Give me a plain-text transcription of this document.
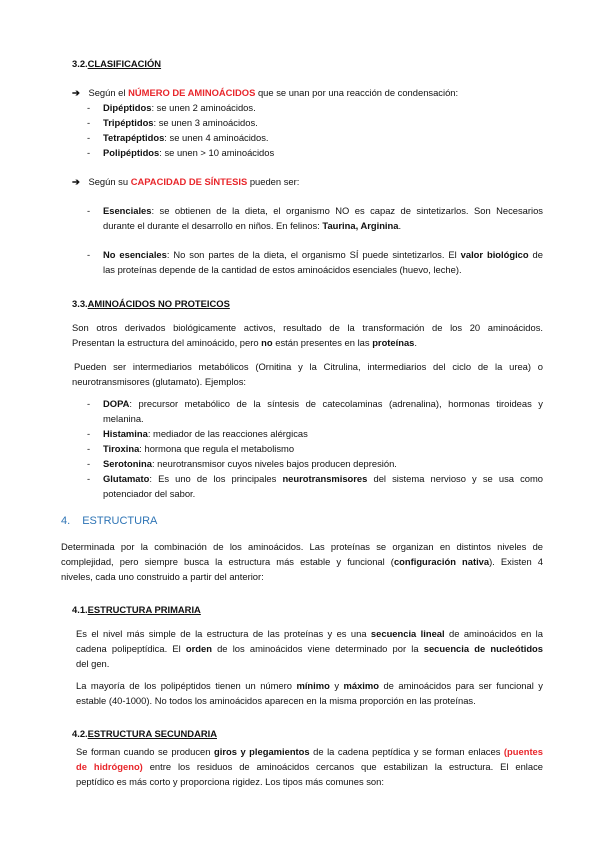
3.2.CLASIFICACIÓN
➔ Según el NÚMERO DE AMINOÁCIDOS que se unan por una reacción de condensación:
- Dipéptidos: se unen 2 aminoácidos.
- Tripéptidos: se unen 3 aminoácidos.
- Tetrapéptidos: se unen 4 aminoácidos.
- Polipéptidos: se unen > 10 aminoácidos
➔ Según su CAPACIDAD DE SÍNTESIS pueden ser:
- Esenciales: se obtienen de la dieta, el organismo NO es capaz de sintetizarlos. Son Necesarios
durante el durante el desarrollo en niños. En felinos: Taurina, Arginina.
- No esenciales: No son partes de la dieta, el organismo SÍ puede sintetizarlos. El valor biológico de
las proteínas depende de la cantidad de estos aminoácidos esenciales (huevo, leche).
3.3.AMINOÁCIDOS NO PROTEICOS
Son otros derivados biológicamente activos, resultado de la transformación de los 20 aminoácidos.
Presentan la estructura del aminoácido, pero no están presentes en las proteínas.
Pueden ser intermediarios metabólicos (Ornitina y la Citrulina, intermediarios del ciclo de la urea) o
neurotransmisores (glutamato). Ejemplos:
- DOPA: precursor metabólico de la síntesis de catecolaminas (adrenalina), hormonas tiroideas y
melanina.
- Histamina: mediador de las reacciones alérgicas
- Tiroxina: hormona que regula el metabolismo
- Serotonina: neurotransmisor cuyos niveles bajos producen depresión.
- Glutamato: Es uno de los principales neurotransmisores del sistema nervioso y se usa como
potenciador del sabor.
4. ESTRUCTURA
Determinada por la combinación de los aminoácidos. Las proteínas se organizan en distintos niveles de
complejidad, pero siempre busca la estructura más estable y funcional (configuración nativa). Existen 4
niveles, cada uno construido a partir del anterior:
4.1.ESTRUCTURA PRIMARIA
Es el nivel más simple de la estructura de las proteínas y es una secuencia lineal de aminoácidos en la
cadena polipeptídica. El orden de los aminoácidos viene determinado por la secuencia de nucleótidos
del gen.
La mayoría de los polipéptidos tienen un número mínimo y máximo de aminoácidos para ser funcional y
estable (40-1000). No todos los aminoácidos aparecen en la misma proporción en las proteínas.
4.2.ESTRUCTURA SECUNDARIA
Se forman cuando se producen giros y plegamientos de la cadena peptídica y se forman enlaces (puentes
de hidrógeno) entre los residuos de aminoácidos cercanos que estabilizan la estructura. El enlace
peptídico es más corto y proporciona rigidez. Los tipos más comunes son:
